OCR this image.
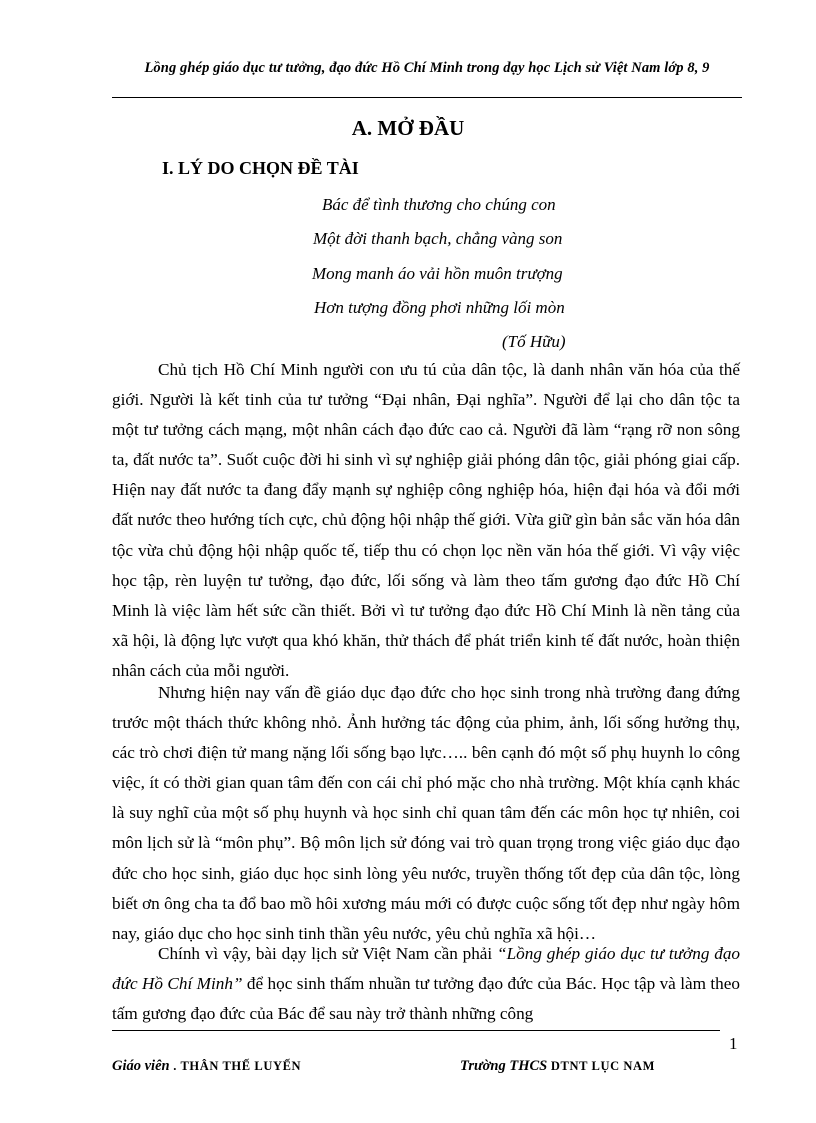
Lồng ghép giáo dục tư tưởng, đạo đức Hồ Chí Minh trong dạy học Lịch sử Việt Nam lớp 8, 9
A. MỞ ĐẦU
I. LÝ DO CHỌN ĐỀ TÀI
Bác để tình thương cho chúng con
Một đời thanh bạch, chẳng vàng son
Mong manh áo vải hồn muôn trượng
Hơn tượng đồng phơi những lối mòn
(Tố Hữu)

Chủ tịch Hồ Chí Minh người con ưu tú của dân tộc, là danh nhân văn hóa của thế giới. Người là kết tinh của tư tưởng “Đại nhân, Đại nghĩa”. Người để lại cho dân tộc ta một tư tưởng cách mạng, một nhân cách đạo đức cao cả. Người đã làm “rạng rỡ non sông ta, đất nước ta”. Suốt cuộc đời hi sinh vì sự nghiệp giải phóng dân tộc, giải phóng giai cấp. Hiện nay đất nước ta đang đẩy mạnh sự nghiệp công nghiệp hóa, hiện đại hóa và đổi mới đất nước theo hướng tích cực, chủ động hội nhập thế giới. Vừa giữ gìn bản sắc văn hóa dân tộc vừa chủ động hội nhập quốc tế, tiếp thu có chọn lọc nền văn hóa thế giới. Vì vậy việc học tập, rèn luyện tư tưởng, đạo đức, lối sống và làm theo tấm gương đạo đức Hồ Chí Minh là việc làm hết sức cần thiết. Bởi vì tư tưởng đạo đức Hồ Chí Minh là nền tảng của xã hội, là động lực vượt qua khó khăn, thử thách để phát triển kinh tế đất nước, hoàn thiện nhân cách của mỗi người.

Nhưng hiện nay vấn đề giáo dục đạo đức cho học sinh trong nhà trường đang đứng trước một thách thức không nhỏ. Ảnh hưởng tác động của phim, ảnh, lối sống hưởng thụ, các trò chơi điện tử mang nặng lối sống bạo lực….. bên cạnh đó một số phụ huynh lo công việc, ít có thời gian quan tâm đến con cái chỉ phó mặc cho nhà trường. Một khía cạnh khác là suy nghĩ của một số phụ huynh và học sinh chỉ quan tâm đến các môn học tự nhiên, coi môn lịch sử là “môn phụ”. Bộ môn lịch sử đóng vai trò quan trọng trong việc giáo dục đạo đức cho học sinh, giáo dục học sinh lòng yêu nước, truyền thống tốt đẹp của dân tộc, lòng biết ơn ông cha ta đổ bao mồ hôi xương máu mới có được cuộc sống tốt đẹp như ngày hôm nay, giáo dục cho học sinh tinh thần yêu nước, yêu chủ nghĩa xã hội…

Chính vì vậy, bài dạy lịch sử Việt Nam cần phải “Lồng ghép giáo dục tư tưởng đạo đức Hồ Chí Minh” để học sinh thấm nhuần tư tưởng đạo đức của Bác. Học tập và làm theo tấm gương đạo đức của Bác để sau này trở thành những công

1
Giáo viên . THÂN THẾ LUYẾN	Trường THCS DTNT LỤC NAM
